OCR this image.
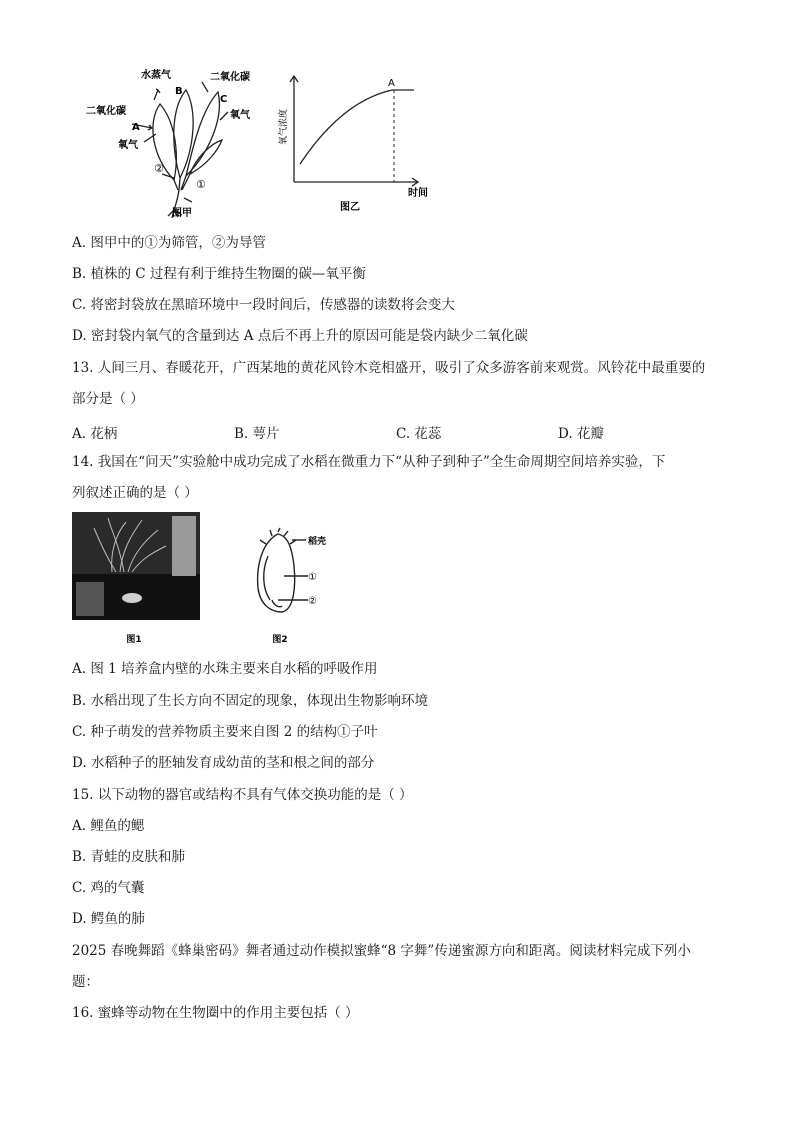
水蒸气
B
二氧化碳
C
二氧化碳	氧气
A
氧气
②
①
图甲
A
氧气浓度
时间
图乙
A. 图甲中的①为筛管，②为导管
B. 植株的 C 过程有利于维持生物圈的碳—氧平衡
C. 将密封袋放在黑暗环境中一段时间后，传感器的读数将会变大
D. 密封袋内氧气的含量到达 A 点后不再上升的原因可能是袋内缺少二氧化碳
13. 人间三月、春暖花开，广西某地的黄花风铃木竞相盛开，吸引了众多游客前来观赏。风铃花中最重要的
部分是（ ）
A. 花柄	B. 萼片	C. 花蕊	D. 花瓣
14. 我国在“问天”实验舱中成功完成了水稻在微重力下“从种子到种子”全生命周期空间培养实验，下
列叙述正确的是（ ）
图1
稻壳
①
②
图2
A. 图 1 培养盒内壁的水珠主要来自水稻的呼吸作用
B. 水稻出现了生长方向不固定的现象，体现出生物影响环境
C. 种子萌发的营养物质主要来自图 2 的结构①子叶
D. 水稻种子的胚轴发育成幼苗的茎和根之间的部分
15. 以下动物的器官或结构不具有气体交换功能的是（ ）
A. 鲤鱼的鳃
B. 青蛙的皮肤和肺
C. 鸡的气囊
D. 鳄鱼的肺
2025 春晚舞蹈《蜂巢密码》舞者通过动作模拟蜜蜂“8 字舞”传递蜜源方向和距离。阅读材料完成下列小
题：
16. 蜜蜂等动物在生物圈中的作用主要包括（ ）
